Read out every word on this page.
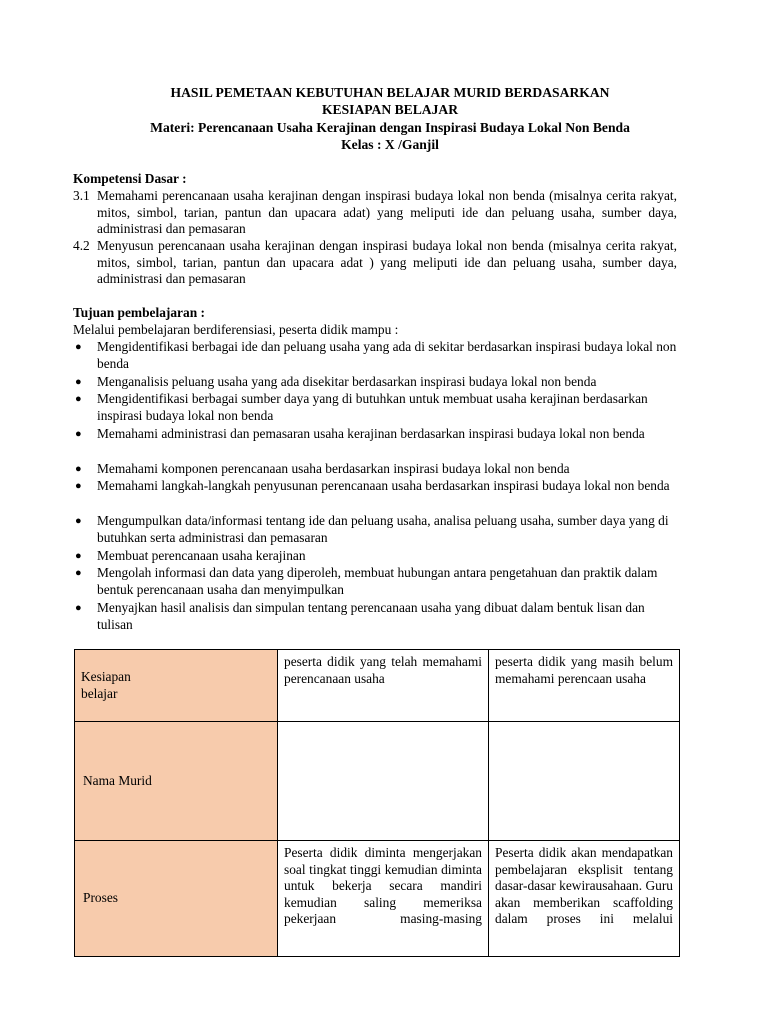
HASIL PEMETAAN KEBUTUHAN BELAJAR MURID BERDASARKAN
KESIAPAN BELAJAR
Materi: Perencanaan Usaha Kerajinan dengan Inspirasi Budaya Lokal Non Benda
Kelas : X /Ganjil
Kompetensi Dasar :
3.1 Memahami perencanaan usaha kerajinan dengan inspirasi budaya lokal non benda (misalnya cerita rakyat, mitos, simbol, tarian, pantun dan upacara adat) yang meliputi ide dan peluang usaha, sumber daya, administrasi dan pemasaran
4.2 Menyusun perencanaan usaha kerajinan dengan inspirasi budaya lokal non benda (misalnya cerita rakyat, mitos, simbol, tarian, pantun dan upacara adat ) yang meliputi ide dan peluang usaha, sumber daya, administrasi dan pemasaran
Tujuan pembelajaran :
Melalui pembelajaran berdiferensiasi, peserta didik mampu :
● Mengidentifikasi berbagai ide dan peluang usaha yang ada di sekitar berdasarkan inspirasi budaya lokal non benda
● Menganalisis peluang usaha yang ada disekitar berdasarkan inspirasi budaya lokal non benda
● Mengidentifikasi berbagai sumber daya yang di butuhkan untuk membuat usaha kerajinan berdasarkan inspirasi budaya lokal non benda
● Memahami administrasi dan pemasaran usaha kerajinan berdasarkan inspirasi budaya lokal non benda
● Memahami komponen perencanaan usaha berdasarkan inspirasi budaya lokal non benda
● Memahami langkah-langkah penyusunan perencanaan usaha berdasarkan inspirasi budaya lokal non benda
● Mengumpulkan data/informasi tentang ide dan peluang usaha, analisa peluang usaha, sumber daya yang di butuhkan serta administrasi dan pemasaran
● Membuat perencanaan usaha kerajinan
● Mengolah informasi dan data yang diperoleh, membuat hubungan antara pengetahuan dan praktik dalam bentuk perencanaan usaha dan menyimpulkan
● Menyajkan hasil analisis dan simpulan tentang perencanaan usaha yang dibuat dalam bentuk lisan dan tulisan
Kesiapan belajar	peserta didik yang telah memahami perencanaan usaha	peserta didik yang masih belum memahami perencaan usaha

Nama Murid		

Proses	Peserta didik diminta mengerjakan soal tingkat tinggi kemudian diminta untuk bekerja secara mandiri kemudian saling memeriksa pekerjaan masing-masing	Peserta didik akan mendapatkan pembelajaran eksplisit tentang dasar-dasar kewirausahaan. Guru akan memberikan scaffolding dalam proses ini melalui
